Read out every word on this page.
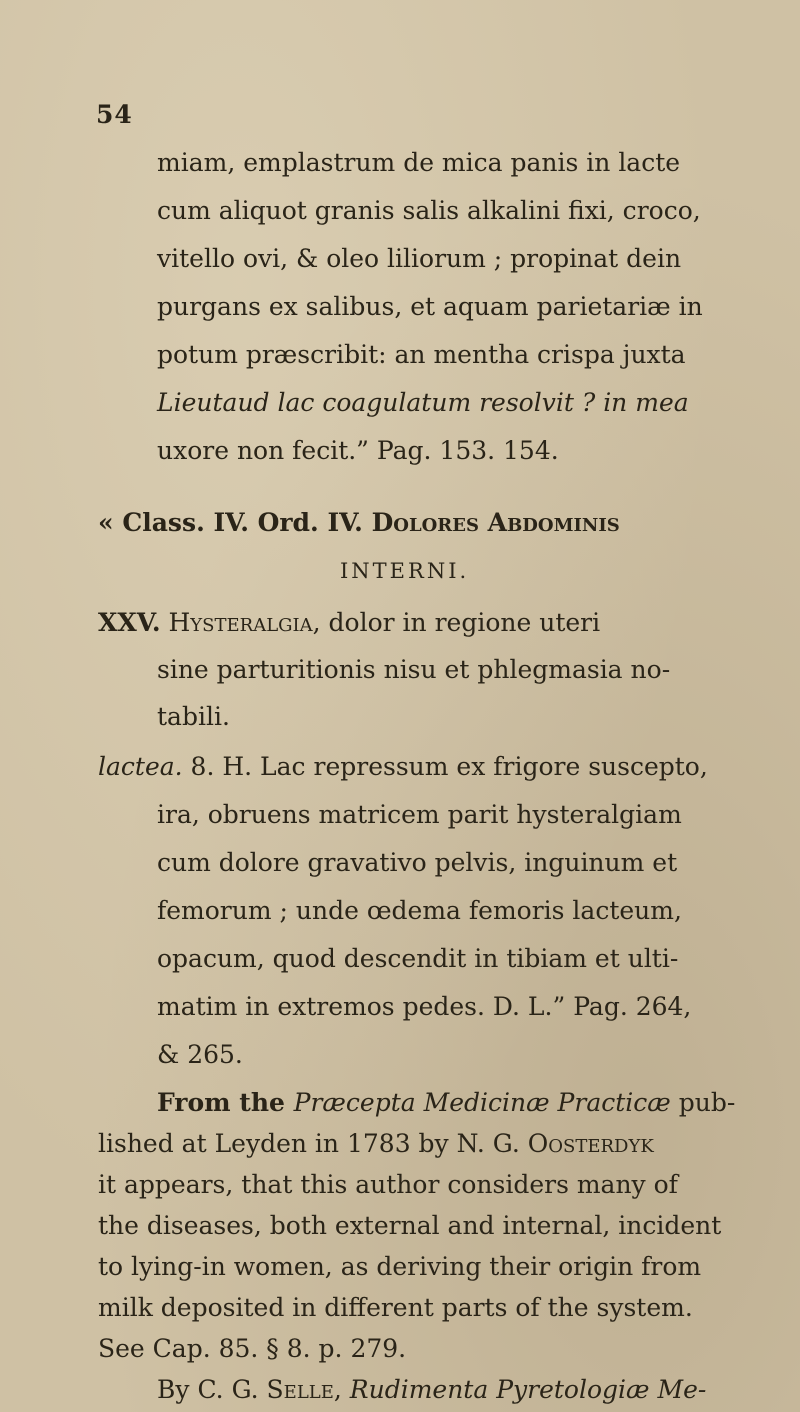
54
miam, emplastrum de mica panis in lacte
cum aliquot granis salis alkalini fixi, croco,
vitello ovi, & oleo liliorum ; propinat dein
purgans ex salibus, et aquam parietariæ in
potum præscribit: an mentha crispa juxta
Lieutaud lac coagulatum resolvit ? in mea
uxore non fecit.” Pag. 153. 154.
« Class. IV. Ord. IV. Dolores Abdominis
INTERNI.
XXV. Hysteralgia, dolor in regione uteri
sine parturitionis nisu et phlegmasia no-
tabili.
lactea. 8. H. Lac repressum ex frigore suscepto,
ira, obruens matricem parit hysteralgiam
cum dolore gravativo pelvis, inguinum et
femorum ; unde œdema femoris lacteum,
opacum, quod descendit in tibiam et ulti-
matim in extremos pedes. D. L.” Pag. 264,
& 265.
From the Præcepta Medicinæ Practicæ pub-
lished at Leyden in 1783 by N. G. Oosterdyk
it appears, that this author considers many of
the diseases, both external and internal, incident
to lying-in women, as deriving their origin from
milk deposited in different parts of the system.
See Cap. 85. § 8. p. 279.
By C. G. Selle, Rudimenta Pyretologiæ Me-
